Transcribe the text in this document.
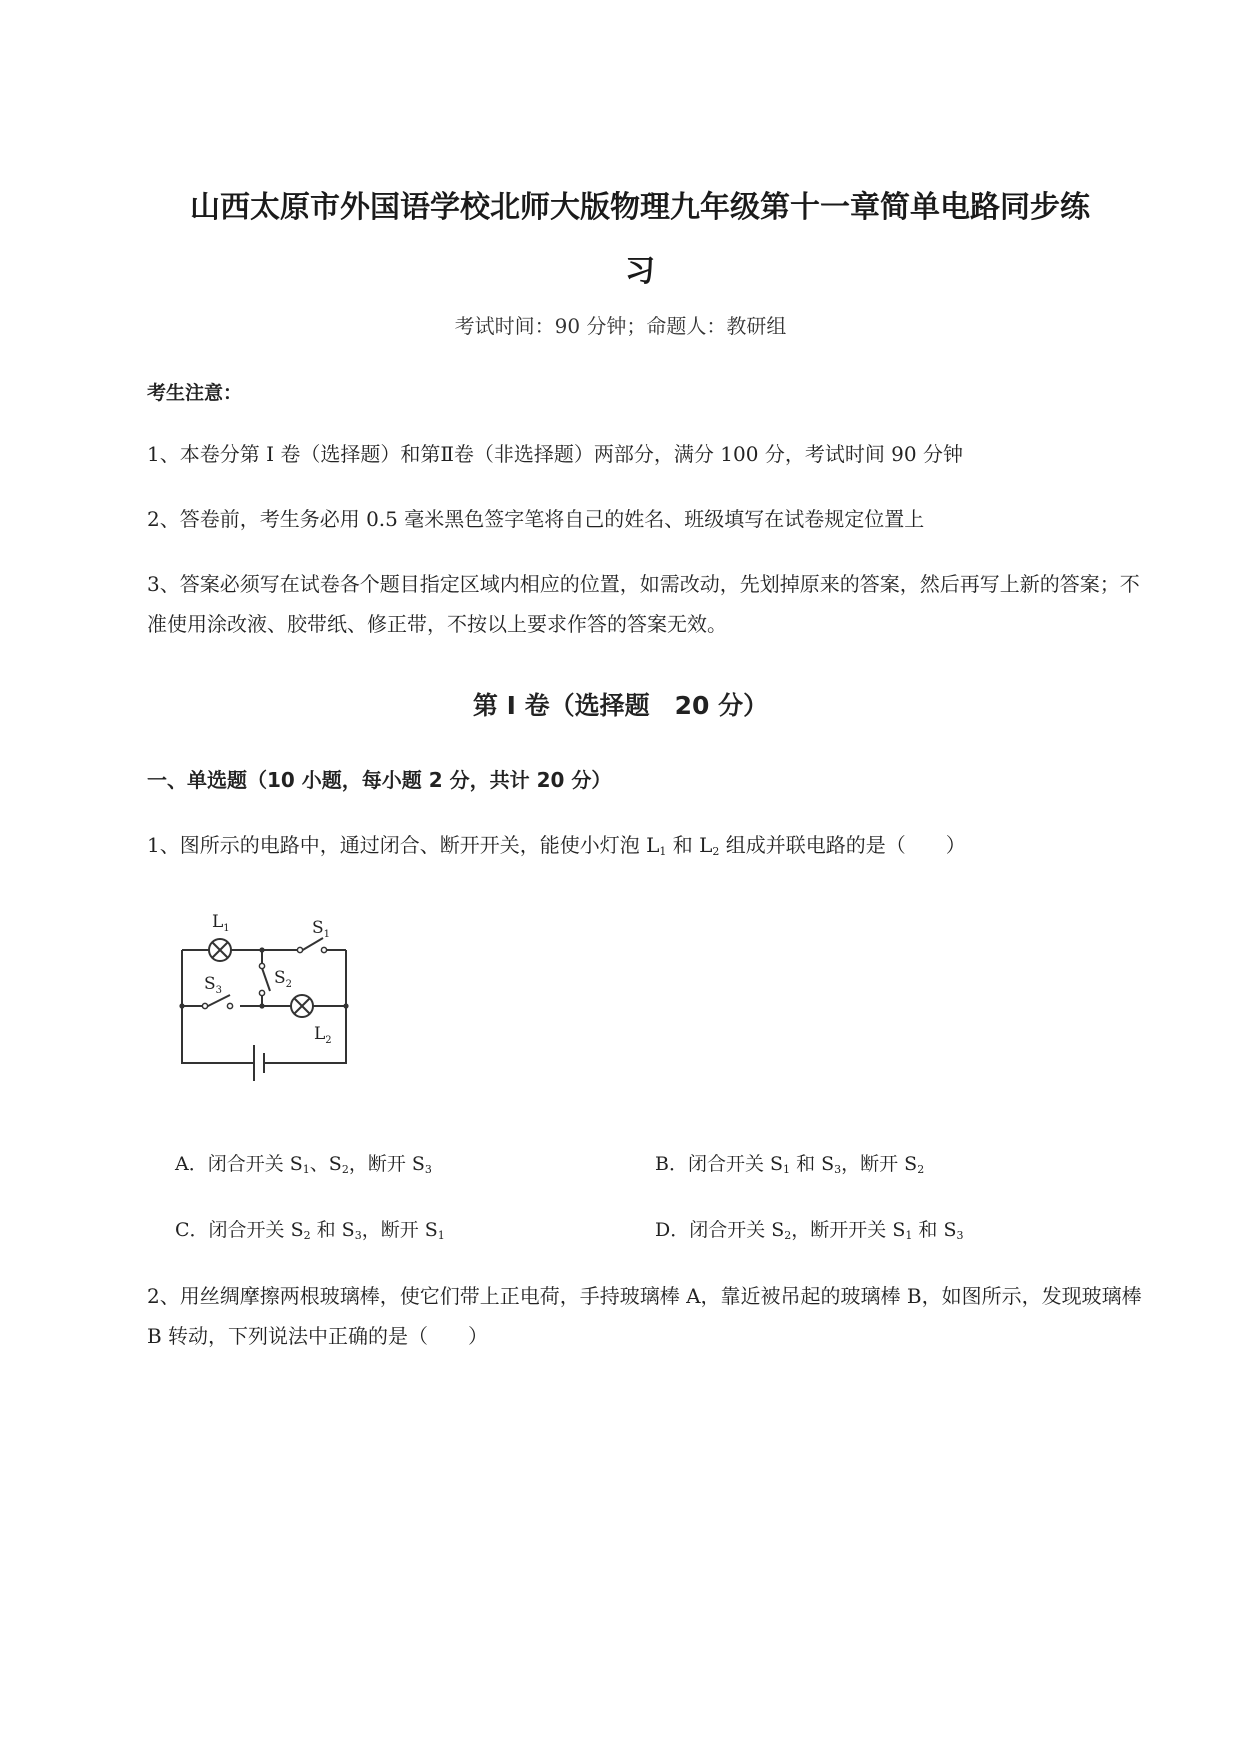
山西太原市外国语学校北师大版物理九年级第十一章简单电路同步练
习
考试时间：90 分钟；命题人：教研组
考生注意：
1、本卷分第 I 卷（选择题）和第Ⅱ卷（非选择题）两部分，满分 100 分，考试时间 90 分钟
2、答卷前，考生务必用 0.5 毫米黑色签字笔将自己的姓名、班级填写在试卷规定位置上
3、答案必须写在试卷各个题目指定区域内相应的位置，如需改动，先划掉原来的答案，然后再写上新的答案；不准使用涂改液、胶带纸、修正带，不按以上要求作答的答案无效。
第 I 卷（选择题　20 分）
一、单选题（10 小题，每小题 2 分，共计 20 分）
1、图所示的电路中，通过闭合、断开开关，能使小灯泡 $L_1$ 和 $L_2$ 组成并联电路的是（　　）
$L_1$	$S_1$
$S_2$
$S_3$
$L_2$
A．闭合开关 $S_1$、$S_2$，断开 $S_3$	B．闭合开关 $S_1$ 和 $S_3$，断开 $S_2$
C．闭合开关 $S_2$ 和 $S_3$，断开 $S_1$	D．闭合开关 $S_2$，断开开关 $S_1$ 和 $S_3$
2、用丝绸摩擦两根玻璃棒，使它们带上正电荷，手持玻璃棒 A，靠近被吊起的玻璃棒 B，如图所示，发现玻璃棒 B 转动，下列说法中正确的是（　　）
